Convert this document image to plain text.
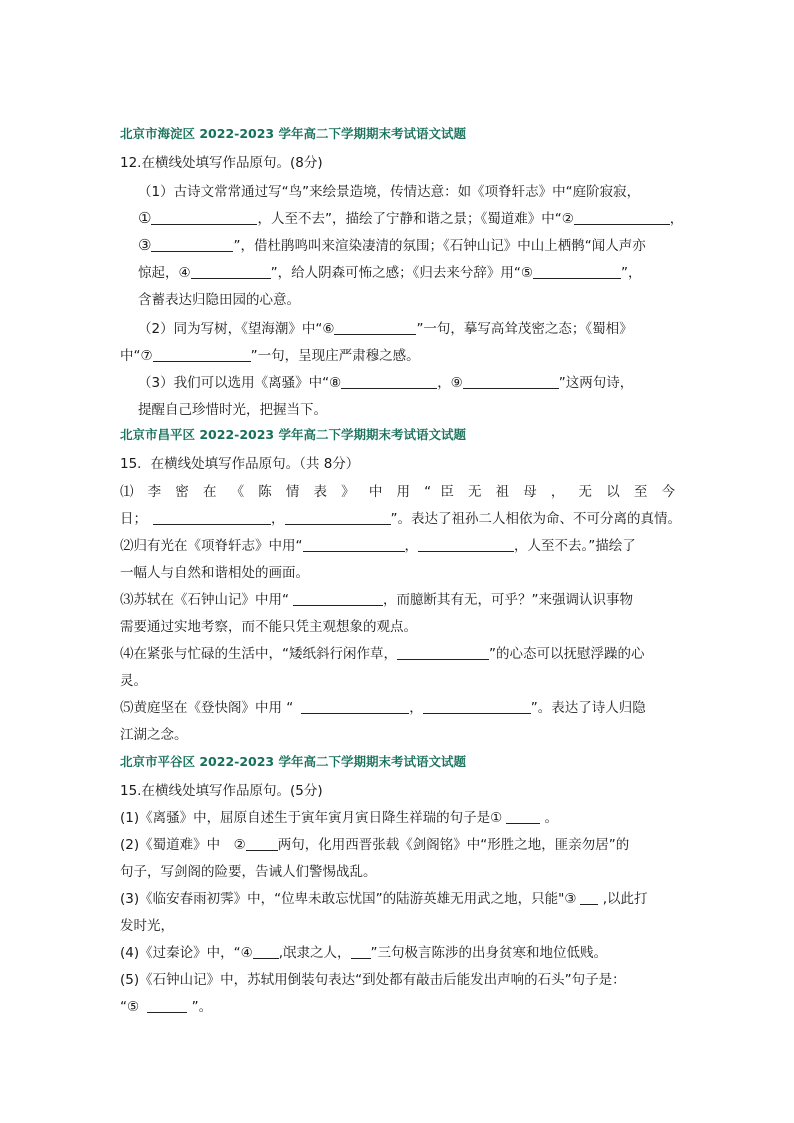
北京市海淀区 2022-2023 学年高二下学期期末考试语文试题
12.在横线处填写作品原句。(8分)
（1）古诗文常常通过写“鸟”来绘景造境，传情达意：如《项脊轩志》中“庭阶寂寂，
①	，人至不去”，描绘了宁静和谐之景；《蜀道难》中“②	，
③	”，借杜鹃鸣叫来渲染凄清的氛围；《石钟山记》中山上栖鹘“闻人声亦
惊起，④	”，给人阴森可怖之感；《归去来兮辞》用“⑤	”，
含蓄表达归隐田园的心意。
（2）同为写树，《望海潮》中“⑥	”一句，摹写高耸茂密之态；《蜀相》
中“⑦	”一句，呈现庄严肃穆之感。
（3）我们可以选用《离骚》中“⑧	，⑨	”这两句诗，
提醒自己珍惜时光，把握当下。
北京市昌平区 2022-2023 学年高二下学期期末考试语文试题
15．在横线处填写作品原句。（共 8分）
⑴ 李 密 在 《 陈 情 表 》 中 用 “ 臣 无 祖 母 ， 无 以 至 今
日；	，	”。表达了祖孙二人相依为命、不可分离的真情。
⑵归有光在《项脊轩志》中用“	，	，人至不去。”描绘了
一幅人与自然和谐相处的画面。
⑶苏轼在《石钟山记》中用“	，而臆断其有无，可乎？”来强调认识事物
需要通过实地考察，而不能只凭主观想象的观点。
⑷在紧张与忙碌的生活中，“矮纸斜行闲作草，	”的心态可以抚慰浮躁的心
灵。
⑸黄庭坚在《登快阁》中用 “	，	”。表达了诗人归隐
江湖之念。
北京市平谷区 2022-2023 学年高二下学期期末考试语文试题
15.在横线处填写作品原句。(5分)
(1)《离骚》中，屈原自述生于寅年寅月寅日降生祥瑞的句子是①	。
(2)《蜀道难》中　② 两句，化用西晋张载《剑阁铭》中“形胜之地，匪亲勿居”的
句子，写剑阁的险要，告诫人们警惕战乱。
(3)《临安春雨初霁》中，“位卑未敢忘忧国”的陆游英雄无用武之地，只能"③ ,以此打
发时光，
(4)《过秦论》中，“④ ,氓隶之人， ”三句极言陈涉的出身贫寒和地位低贱。
(5)《石钟山记》中，苏轼用倒装句表达“到处都有敲击后能发出声响的石头”句子是：
“⑤	”。
